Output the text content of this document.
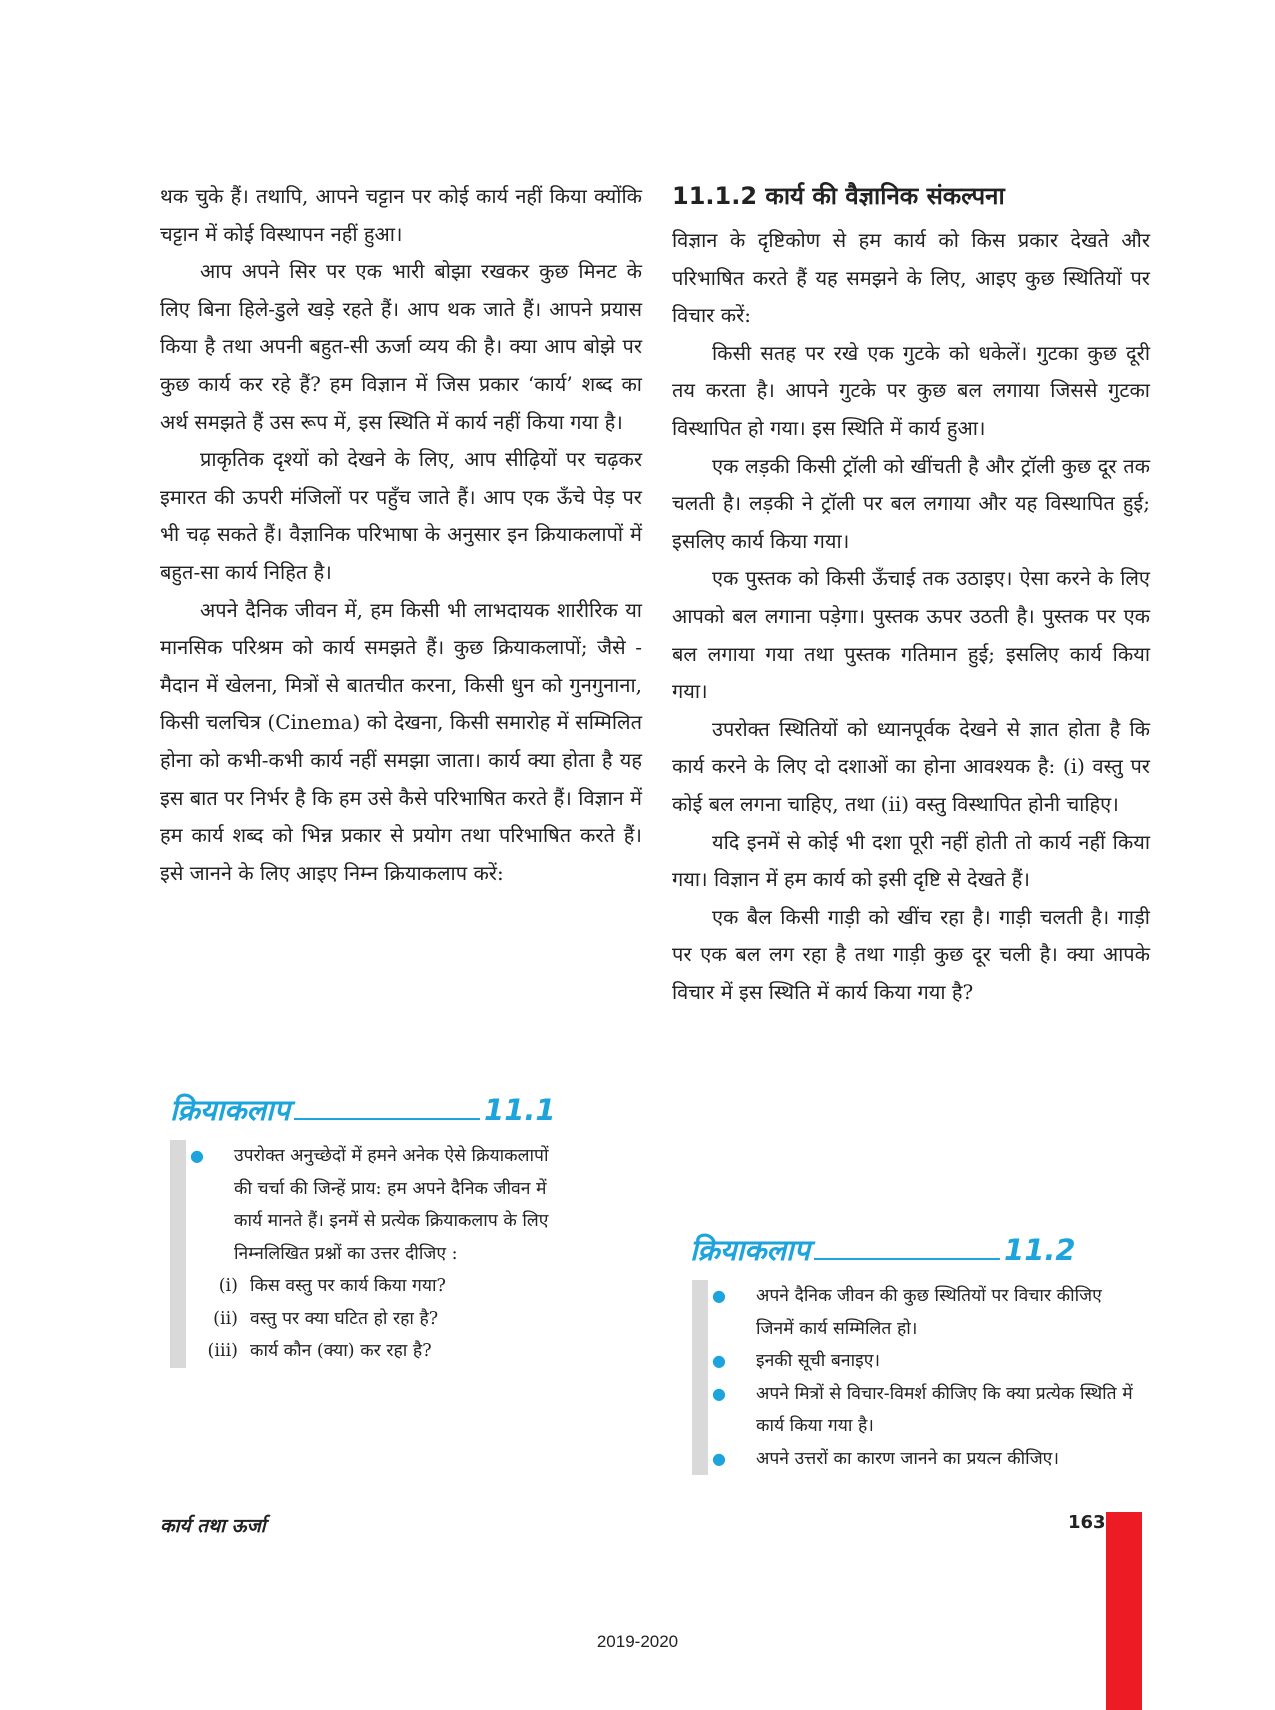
थक चुके हैं। तथापि, आपने चट्टान पर कोई कार्य नहीं किया क्योंकि चट्टान में कोई विस्थापन नहीं हुआ।

आप अपने सिर पर एक भारी बोझा रखकर कुछ मिनट के लिए बिना हिले-डुले खड़े रहते हैं। आप थक जाते हैं। आपने प्रयास किया है तथा अपनी बहुत-सी ऊर्जा व्यय की है। क्या आप बोझे पर कुछ कार्य कर रहे हैं? हम विज्ञान में जिस प्रकार ‘कार्य’ शब्द का अर्थ समझते हैं उस रूप में, इस स्थिति में कार्य नहीं किया गया है।

प्राकृतिक दृश्यों को देखने के लिए, आप सीढ़ियों पर चढ़कर इमारत की ऊपरी मंजिलों पर पहुँच जाते हैं। आप एक ऊँचे पेड़ पर भी चढ़ सकते हैं। वैज्ञानिक परिभाषा के अनुसार इन क्रियाकलापों में बहुत-सा कार्य निहित है।

अपने दैनिक जीवन में, हम किसी भी लाभदायक शारीरिक या मानसिक परिश्रम को कार्य समझते हैं। कुछ क्रियाकलापों; जैसे - मैदान में खेलना, मित्रों से बातचीत करना, किसी धुन को गुनगुनाना, किसी चलचित्र (Cinema) को देखना, किसी समारोह में सम्मिलित होना को कभी-कभी कार्य नहीं समझा जाता। कार्य क्या होता है यह इस बात पर निर्भर है कि हम उसे कैसे परिभाषित करते हैं। विज्ञान में हम कार्य शब्द को भिन्न प्रकार से प्रयोग तथा परिभाषित करते हैं। इसे जानने के लिए आइए निम्न क्रियाकलाप करें:

क्रियाकलाप	11.1
● उपरोक्त अनुच्छेदों में हमने अनेक ऐसे क्रियाकलापों की चर्चा की जिन्हें प्राय: हम अपने दैनिक जीवन में कार्य मानते हैं। इनमें से प्रत्येक क्रियाकलाप के लिए निम्नलिखित प्रश्नों का उत्तर दीजिए :
(i) किस वस्तु पर कार्य किया गया?
(ii) वस्तु पर क्या घटित हो रहा है?
(iii) कार्य कौन (क्या) कर रहा है?
11.1.2 कार्य की वैज्ञानिक संकल्पना

विज्ञान के दृष्टिकोण से हम कार्य को किस प्रकार देखते और परिभाषित करते हैं यह समझने के लिए, आइए कुछ स्थितियों पर विचार करें:

किसी सतह पर रखे एक गुटके को धकेलें। गुटका कुछ दूरी तय करता है। आपने गुटके पर कुछ बल लगाया जिससे गुटका विस्थापित हो गया। इस स्थिति में कार्य हुआ।

एक लड़की किसी ट्रॉली को खींचती है और ट्रॉली कुछ दूर तक चलती है। लड़की ने ट्रॉली पर बल लगाया और यह विस्थापित हुई; इसलिए कार्य किया गया।

एक पुस्तक को किसी ऊँचाई तक उठाइए। ऐसा करने के लिए आपको बल लगाना पड़ेगा। पुस्तक ऊपर उठती है। पुस्तक पर एक बल लगाया गया तथा पुस्तक गतिमान हुई; इसलिए कार्य किया गया।

उपरोक्त स्थितियों को ध्यानपूर्वक देखने से ज्ञात होता है कि कार्य करने के लिए दो दशाओं का होना आवश्यक है: (i) वस्तु पर कोई बल लगना चाहिए, तथा (ii) वस्तु विस्थापित होनी चाहिए।

यदि इनमें से कोई भी दशा पूरी नहीं होती तो कार्य नहीं किया गया। विज्ञान में हम कार्य को इसी दृष्टि से देखते हैं।

एक बैल किसी गाड़ी को खींच रहा है। गाड़ी चलती है। गाड़ी पर एक बल लग रहा है तथा गाड़ी कुछ दूर चली है। क्या आपके विचार में इस स्थिति में कार्य किया गया है?

क्रियाकलाप	11.2
● अपने दैनिक जीवन की कुछ स्थितियों पर विचार कीजिए जिनमें कार्य सम्मिलित हो।
● इनकी सूची बनाइए।
● अपने मित्रों से विचार-विमर्श कीजिए कि क्या प्रत्येक स्थिति में कार्य किया गया है।
● अपने उत्तरों का कारण जानने का प्रयत्न कीजिए।
कार्य तथा ऊर्जा	163
2019-2020
